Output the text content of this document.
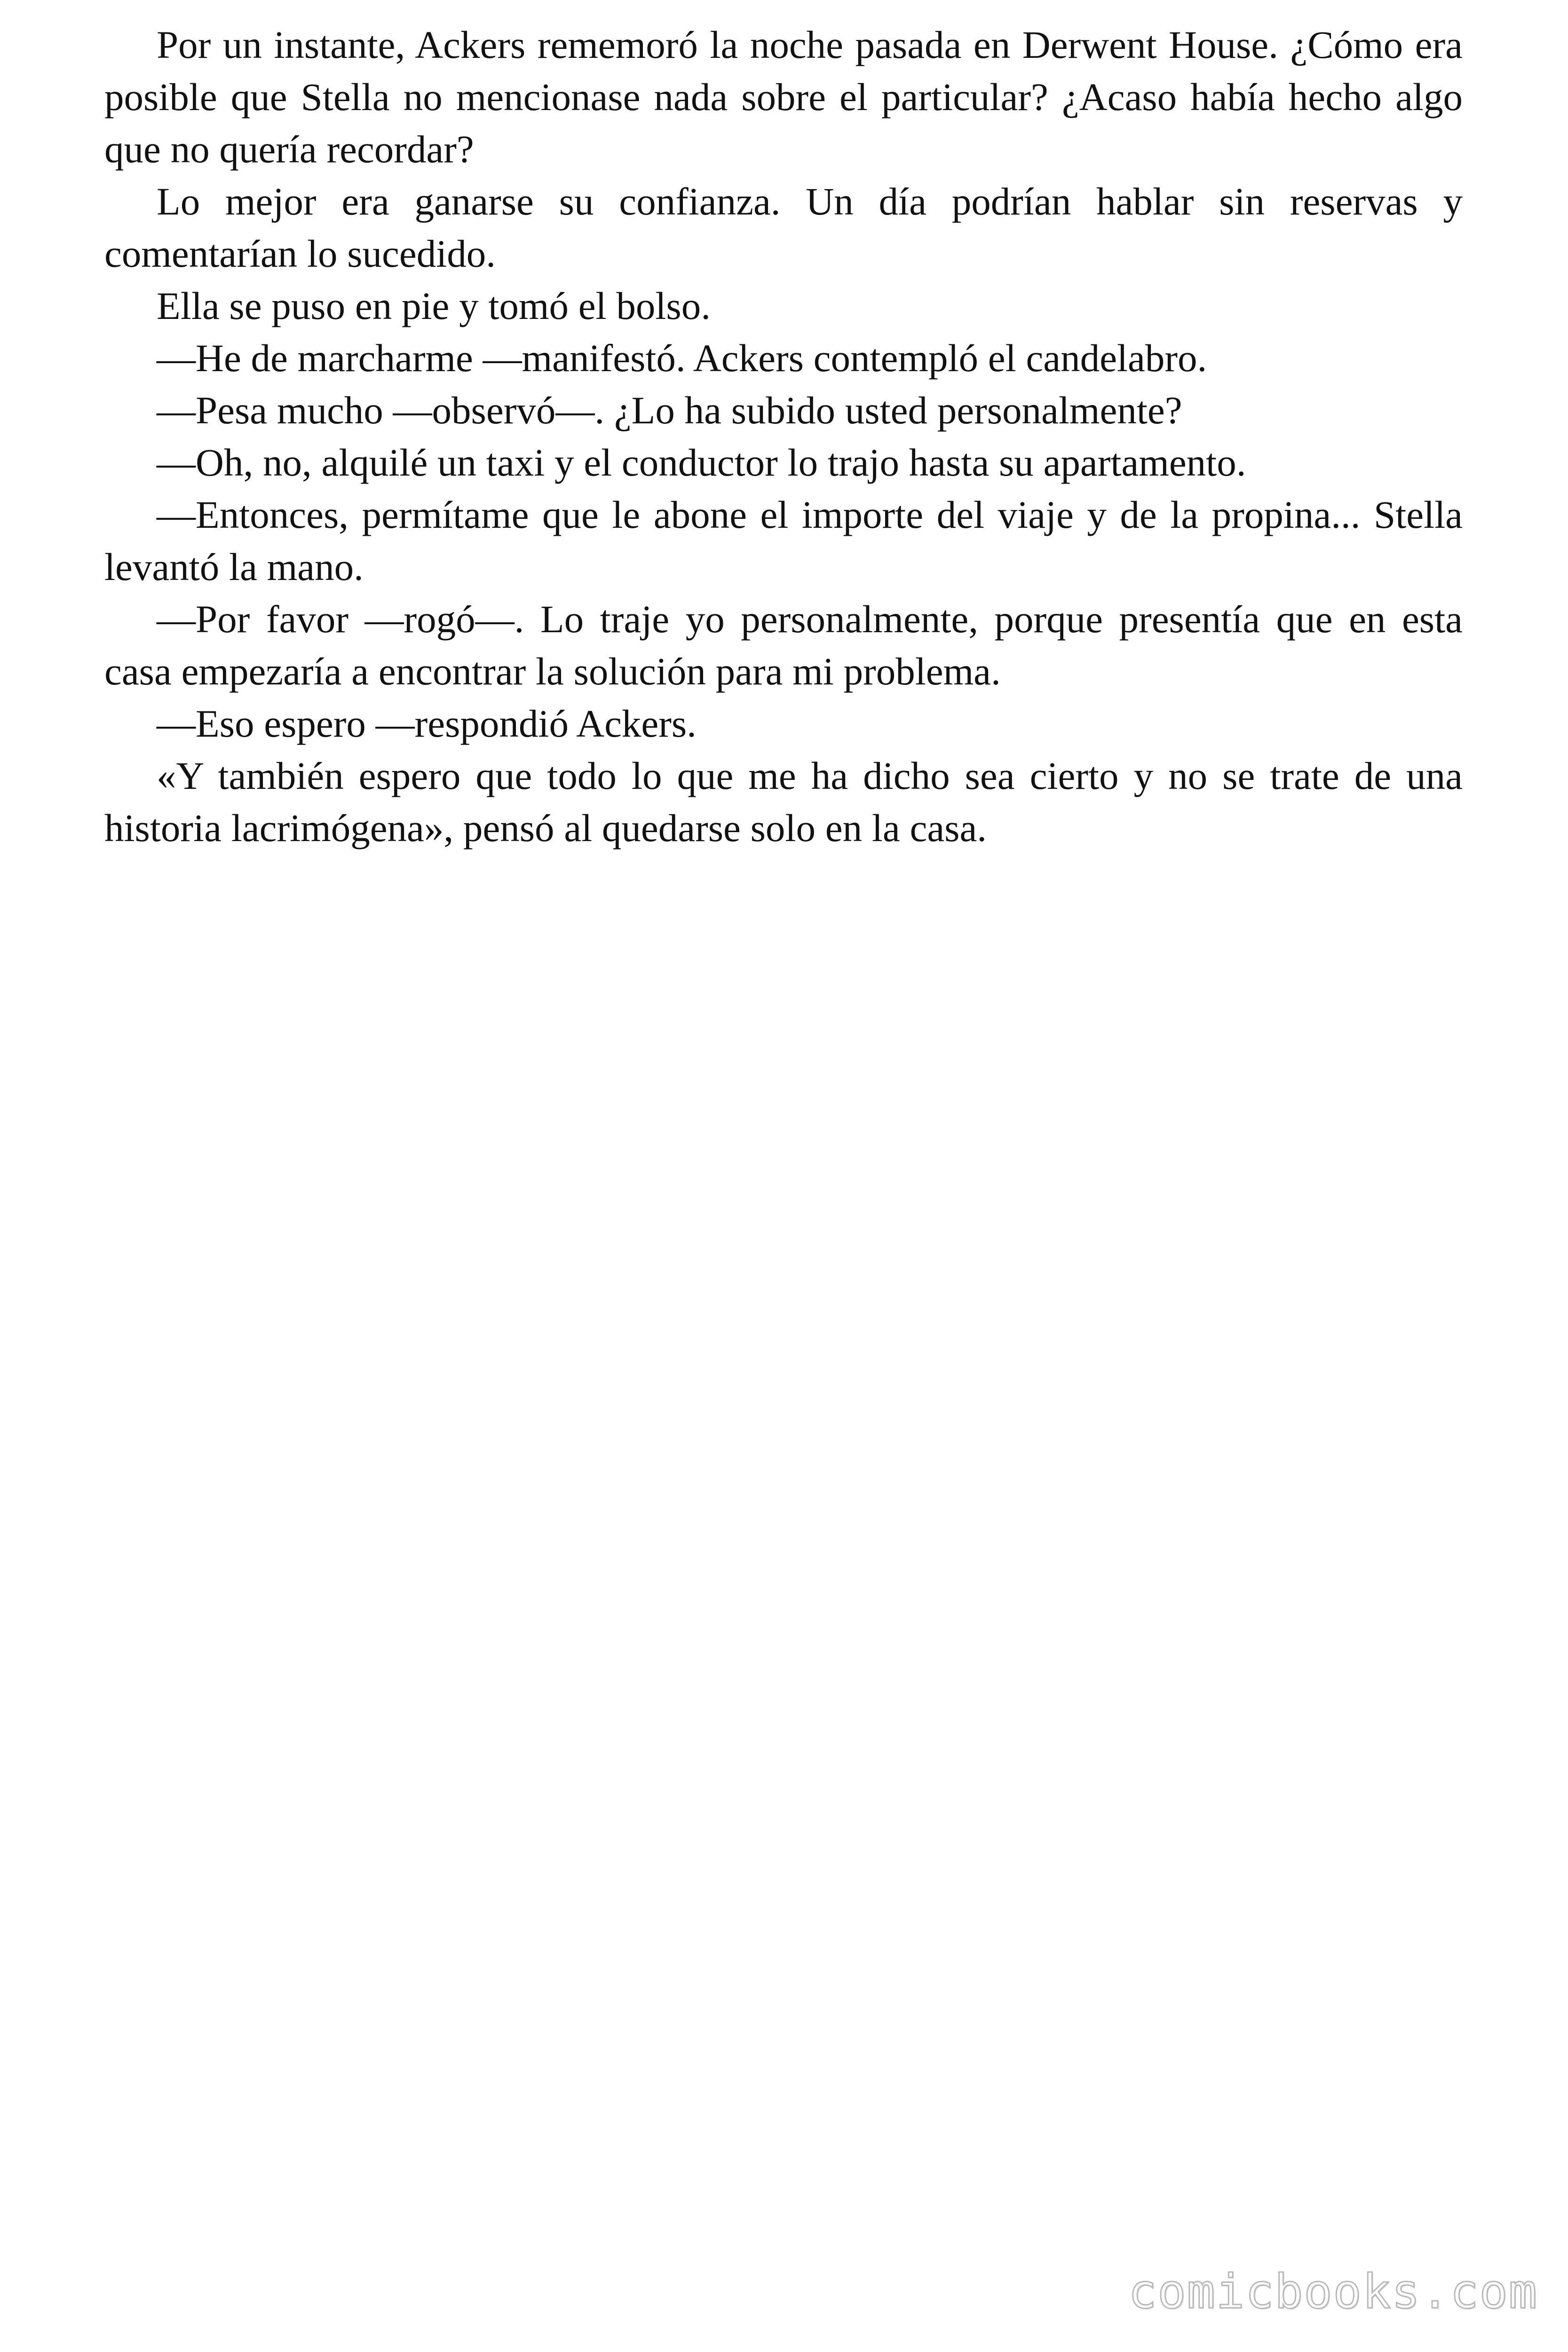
Por un instante, Ackers rememoró la noche pasada en Derwent House. ¿Cómo era posible que Stella no mencionase nada sobre el particular? ¿Acaso había hecho algo que no quería recordar?

Lo mejor era ganarse su confianza. Un día podrían hablar sin reservas y comentarían lo sucedido.

Ella se puso en pie y tomó el bolso.

—He de marcharme —manifestó. Ackers contempló el candelabro.

—Pesa mucho —observó—. ¿Lo ha subido usted personalmente?

—Oh, no, alquilé un taxi y el conductor lo trajo hasta su apartamento.

—Entonces, permítame que le abone el importe del viaje y de la propina... Stella levantó la mano.

—Por favor —rogó—. Lo traje yo personalmente, porque presentía que en esta casa empezaría a encontrar la solución para mi problema.

—Eso espero —respondió Ackers.

«Y también espero que todo lo que me ha dicho sea cierto y no se trate de una historia lacrimógena», pensó al quedarse solo en la casa.

comicbooks.com
